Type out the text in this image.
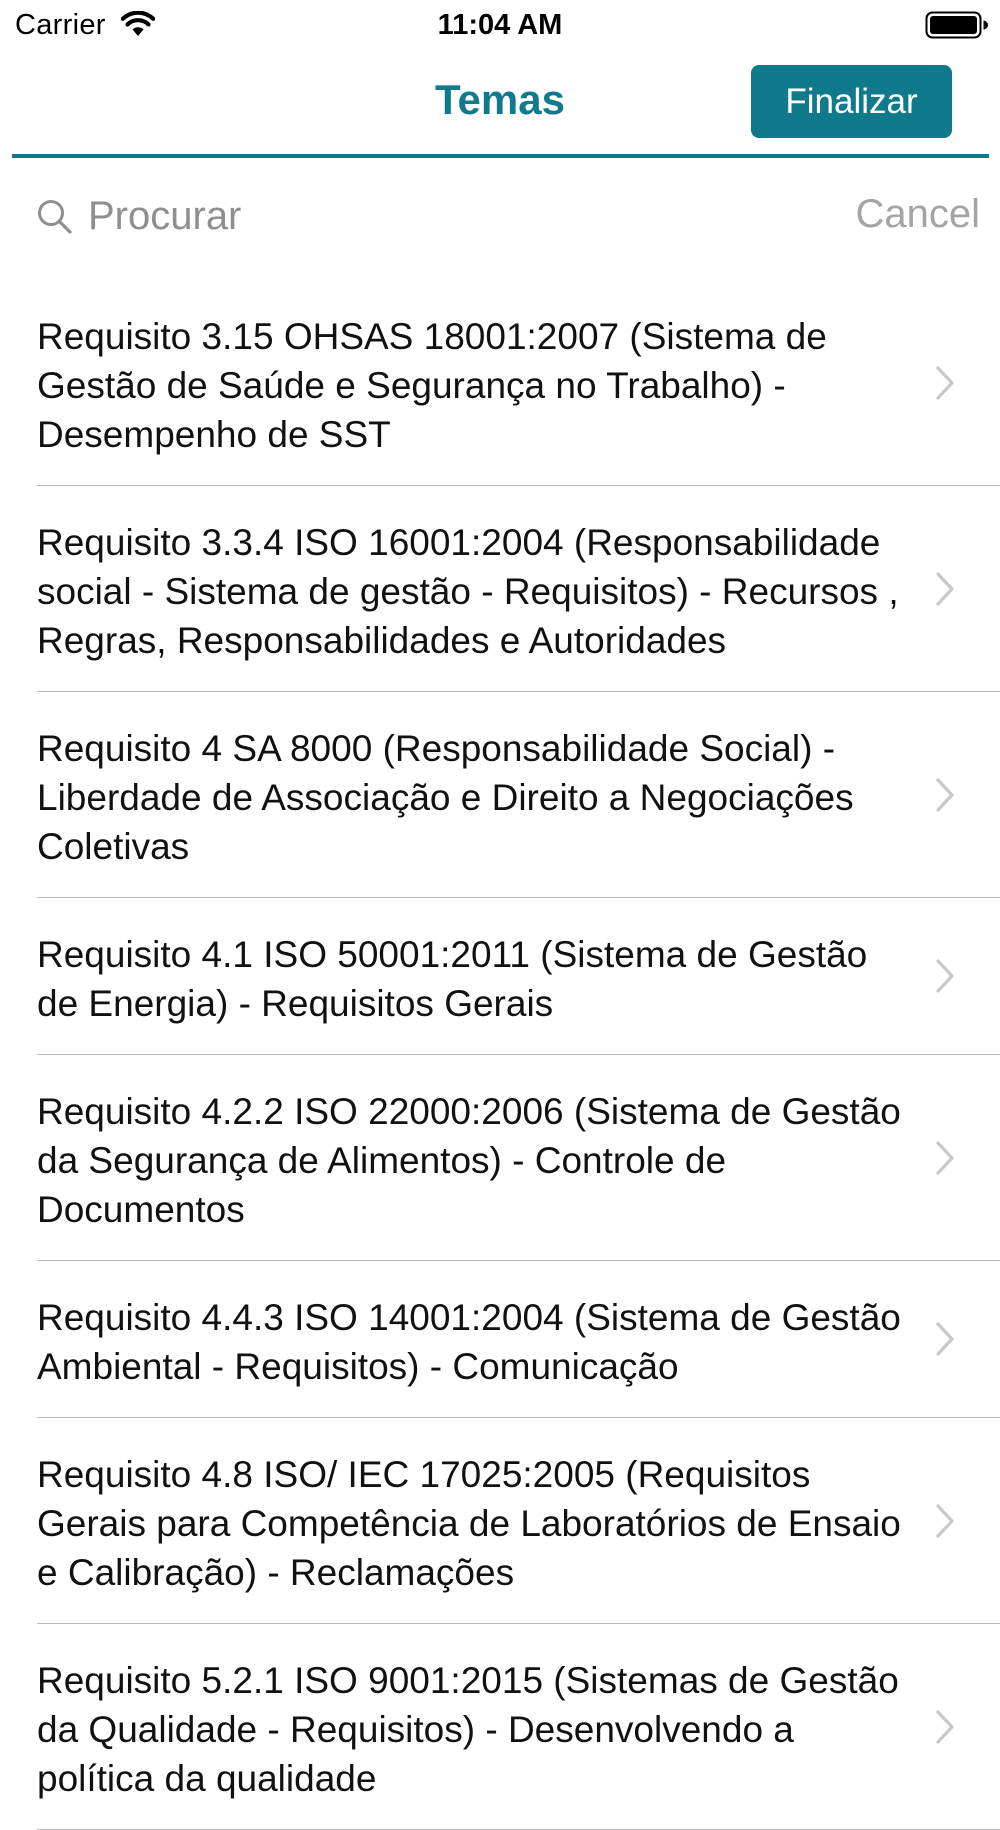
Carrier	11:04 AM
Temas	Finalizar
Procurar
Cancel
Requisito 3.15 OHSAS 18001:2007 (Sistema de Gestão de Saúde e Segurança no Trabalho) - Desempenho de SST
Requisito 3.3.4 ISO 16001:2004 (Responsabilidade social - Sistema de gestão - Requisitos) - Recursos , Regras, Responsabilidades e Autoridades
Requisito 4 SA 8000 (Responsabilidade Social) - Liberdade de Associação e Direito a Negociações Coletivas
Requisito 4.1 ISO 50001:2011 (Sistema de Gestão de Energia) - Requisitos Gerais
Requisito 4.2.2 ISO 22000:2006 (Sistema de Gestão da Segurança de Alimentos) - Controle de Documentos
Requisito 4.4.3 ISO 14001:2004 (Sistema de Gestão Ambiental - Requisitos) - Comunicação
Requisito 4.8 ISO/ IEC 17025:2005 (Requisitos Gerais para Competência de Laboratórios de Ensaio e Calibração) - Reclamações
Requisito 5.2.1 ISO 9001:2015 (Sistemas de Gestão da Qualidade - Requisitos) - Desenvolvendo a política da qualidade
